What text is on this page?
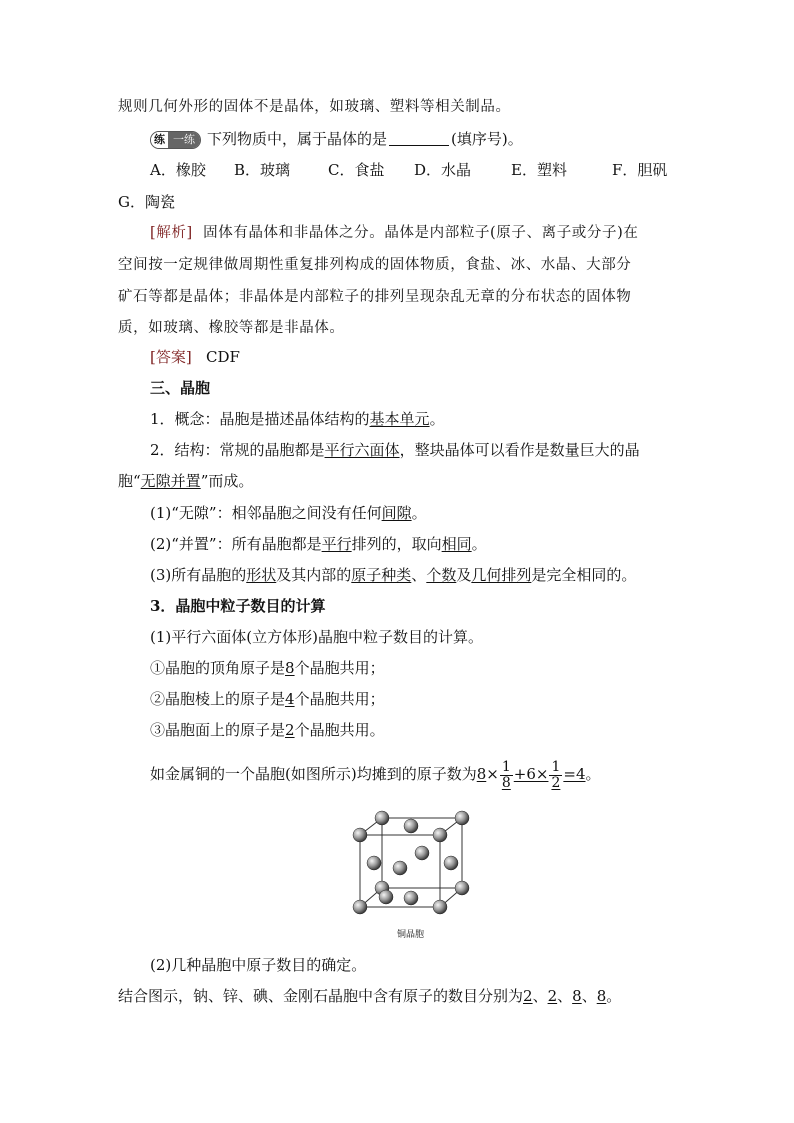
规则几何外形的固体不是晶体，如玻璃、塑料等相关制品。
练 一练 下列物质中，属于晶体的是	(填序号)。
A．橡胶 B．玻璃	C．食盐 D．水晶	E．塑料	F．胆矾
G．陶瓷
[解析] 固体有晶体和非晶体之分。晶体是内部粒子(原子、离子或分子)在
空间按一定规律做周期性重复排列构成的固体物质，食盐、冰、水晶、大部分
矿石等都是晶体；非晶体是内部粒子的排列呈现杂乱无章的分布状态的固体物
质，如玻璃、橡胶等都是非晶体。
[答案] CDF
三、晶胞
1．概念：晶胞是描述晶体结构的基本单元。
2．结构：常规的晶胞都是平行六面体，整块晶体可以看作是数量巨大的晶
胞“无隙并置”而成。
(1)“无隙”：相邻晶胞之间没有任何间隙。
(2)“并置”：所有晶胞都是平行排列的，取向相同。
(3)所有晶胞的形状及其内部的原子种类、个数及几何排列是完全相同的。
3．晶胞中粒子数目的计算
(1)平行六面体(立方体形)晶胞中粒子数目的计算。
①晶胞的顶角原子是8个晶胞共用；
②晶胞棱上的原子是4个晶胞共用；
③晶胞面上的原子是2个晶胞共用。
如金属铜的一个晶胞(如图所示)均摊到的原子数为$8\times \frac{1}{8} +6\times \frac{1}{2} =4$。
铜晶胞
(2)几种晶胞中原子数目的确定。
结合图示，钠、锌、碘、金刚石晶胞中含有原子的数目分别为2、2、8、8。
